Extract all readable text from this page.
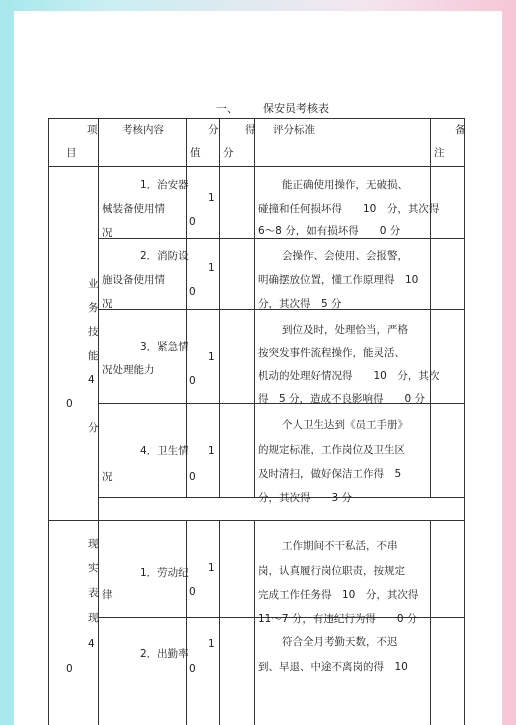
一、 保安员考核表
项
目
考核内容	分
值
得
分
评分标准	备
注
业
务
技
能
4
0
分
1．治安器
械装备使用情
况
1
0
能正确使用操作，无破损、
碰撞和任何损坏得　　10　分，其次得
6～8 分，如有损坏得　　0 分
2．消防设
施设备使用情
况
1
0
会操作、会使用、会报警，
明确摆放位置，懂工作原理得　10
分，其次得　5 分
3．紧急情
况处理能力
1
0
到位及时，处理恰当，严格
按突发事件流程操作，能灵活、
机动的处理好情况得　　10　分，其次
得　5 分，造成不良影响得　　0 分
4．卫生情
况
1
0
个人卫生达到《员工手册》
的规定标准，工作岗位及卫生区
及时清扫，做好保洁工作得　5
分，其次得　　3 分
现
实
表
现
4
0
1．劳动纪
律
1
0
工作期间不干私活，不串
岗，认真履行岗位职责，按规定
完成工作任务得　10　分，其次得
11～7 分，有违纪行为得　　0 分
2．出勤率
1
0
符合全月考勤天数，不迟
到、早退、中途不离岗的得　10
